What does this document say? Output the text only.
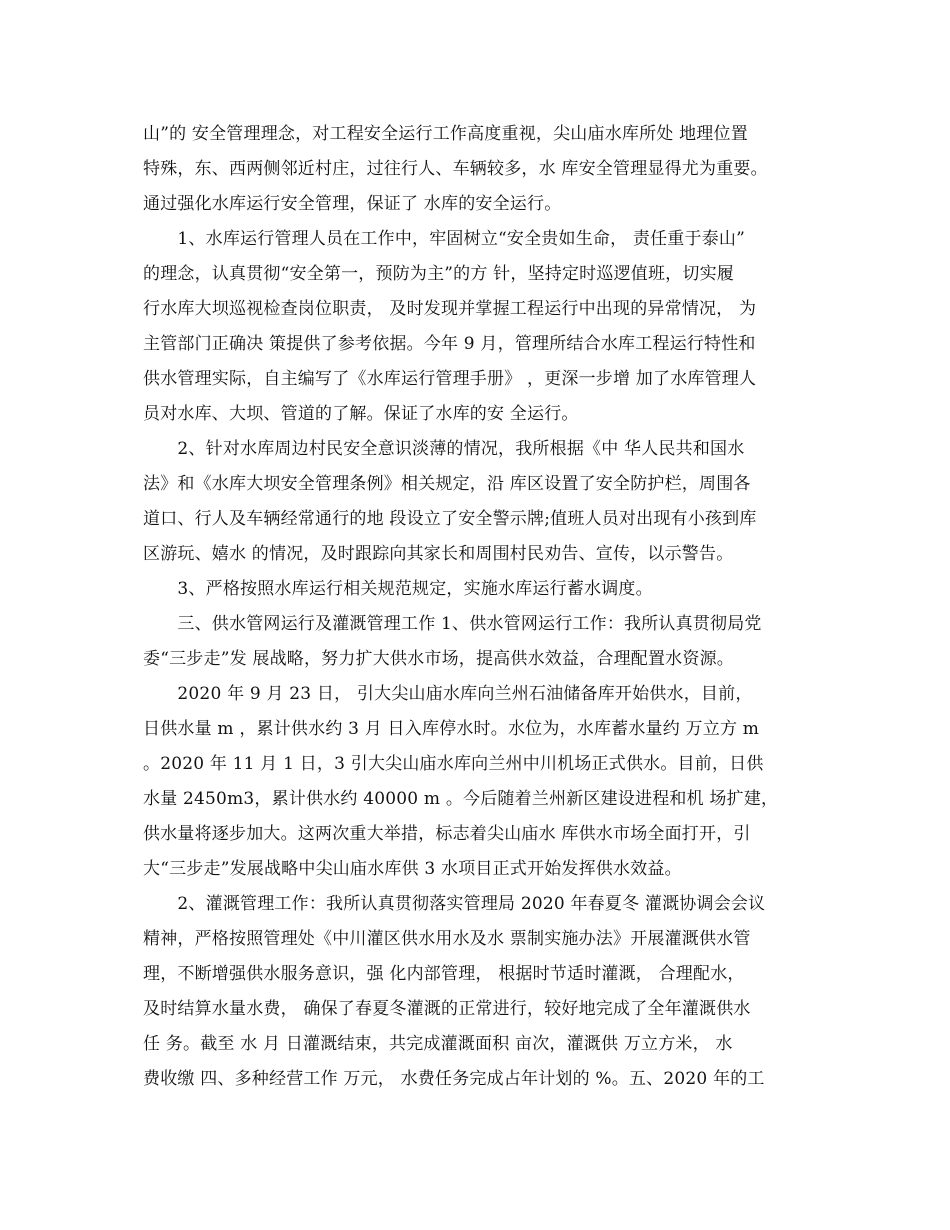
山”的 安全管理理念，对工程安全运行工作高度重视，尖山庙水库所处 地理位置
特殊，东、西两侧邻近村庄，过往行人、车辆较多，水 库安全管理显得尤为重要。
通过强化水库运行安全管理，保证了 水库的安全运行。
　　1、水库运行管理人员在工作中，牢固树立“安全贵如生命， 责任重于泰山”
的理念，认真贯彻“安全第一，预防为主”的方 针，坚持定时巡逻值班，切实履
行水库大坝巡视检查岗位职责， 及时发现并掌握工程运行中出现的异常情况， 为
主管部门正确决 策提供了参考依据。今年 9 月，管理所结合水库工程运行特性和
供水管理实际，自主编写了《水库运行管理手册》 ，更深一步增 加了水库管理人
员对水库、大坝、管道的了解。保证了水库的安 全运行。
　　2、针对水库周边村民安全意识淡薄的情况，我所根据《中 华人民共和国水
法》和《水库大坝安全管理条例》相关规定，沿 库区设置了安全防护栏，周围各
道口、行人及车辆经常通行的地 段设立了安全警示牌;值班人员对出现有小孩到库
区游玩、嬉水 的情况，及时跟踪向其家长和周围村民劝告、宣传，以示警告。
　　3、严格按照水库运行相关规范规定，实施水库运行蓄水调度。
　　三、供水管网运行及灌溉管理工作 1、供水管网运行工作：我所认真贯彻局党
委“三步走”发 展战略，努力扩大供水市场，提高供水效益，合理配置水资源。
　　2020 年 9 月 23 日， 引大尖山庙水库向兰州石油储备库开始供水，目前，
日供水量 m ，累计供水约 3 月 日入库停水时。水位为，水库蓄水量约 万立方 m
。2020 年 11 月 1 日，3 引大尖山庙水库向兰州中川机场正式供水。目前，日供
水量 2450m3，累计供水约 40000 m 。今后随着兰州新区建设进程和机 场扩建，
供水量将逐步加大。这两次重大举措，标志着尖山庙水 库供水市场全面打开，引
大“三步走”发展战略中尖山庙水库供 3 水项目正式开始发挥供水效益。
　　2、灌溉管理工作：我所认真贯彻落实管理局 2020 年春夏冬 灌溉协调会会议
精神，严格按照管理处《中川灌区供水用水及水 票制实施办法》开展灌溉供水管
理，不断增强供水服务意识，强 化内部管理， 根据时节适时灌溉， 合理配水，
及时结算水量水费， 确保了春夏冬灌溉的正常进行，较好地完成了全年灌溉供水
任 务。截至 水 月 日灌溉结束，共完成灌溉面积 亩次，灌溉供 万立方米， 水
费收缴 四、多种经营工作 万元， 水费任务完成占年计划的 %。五、2020 年的工
